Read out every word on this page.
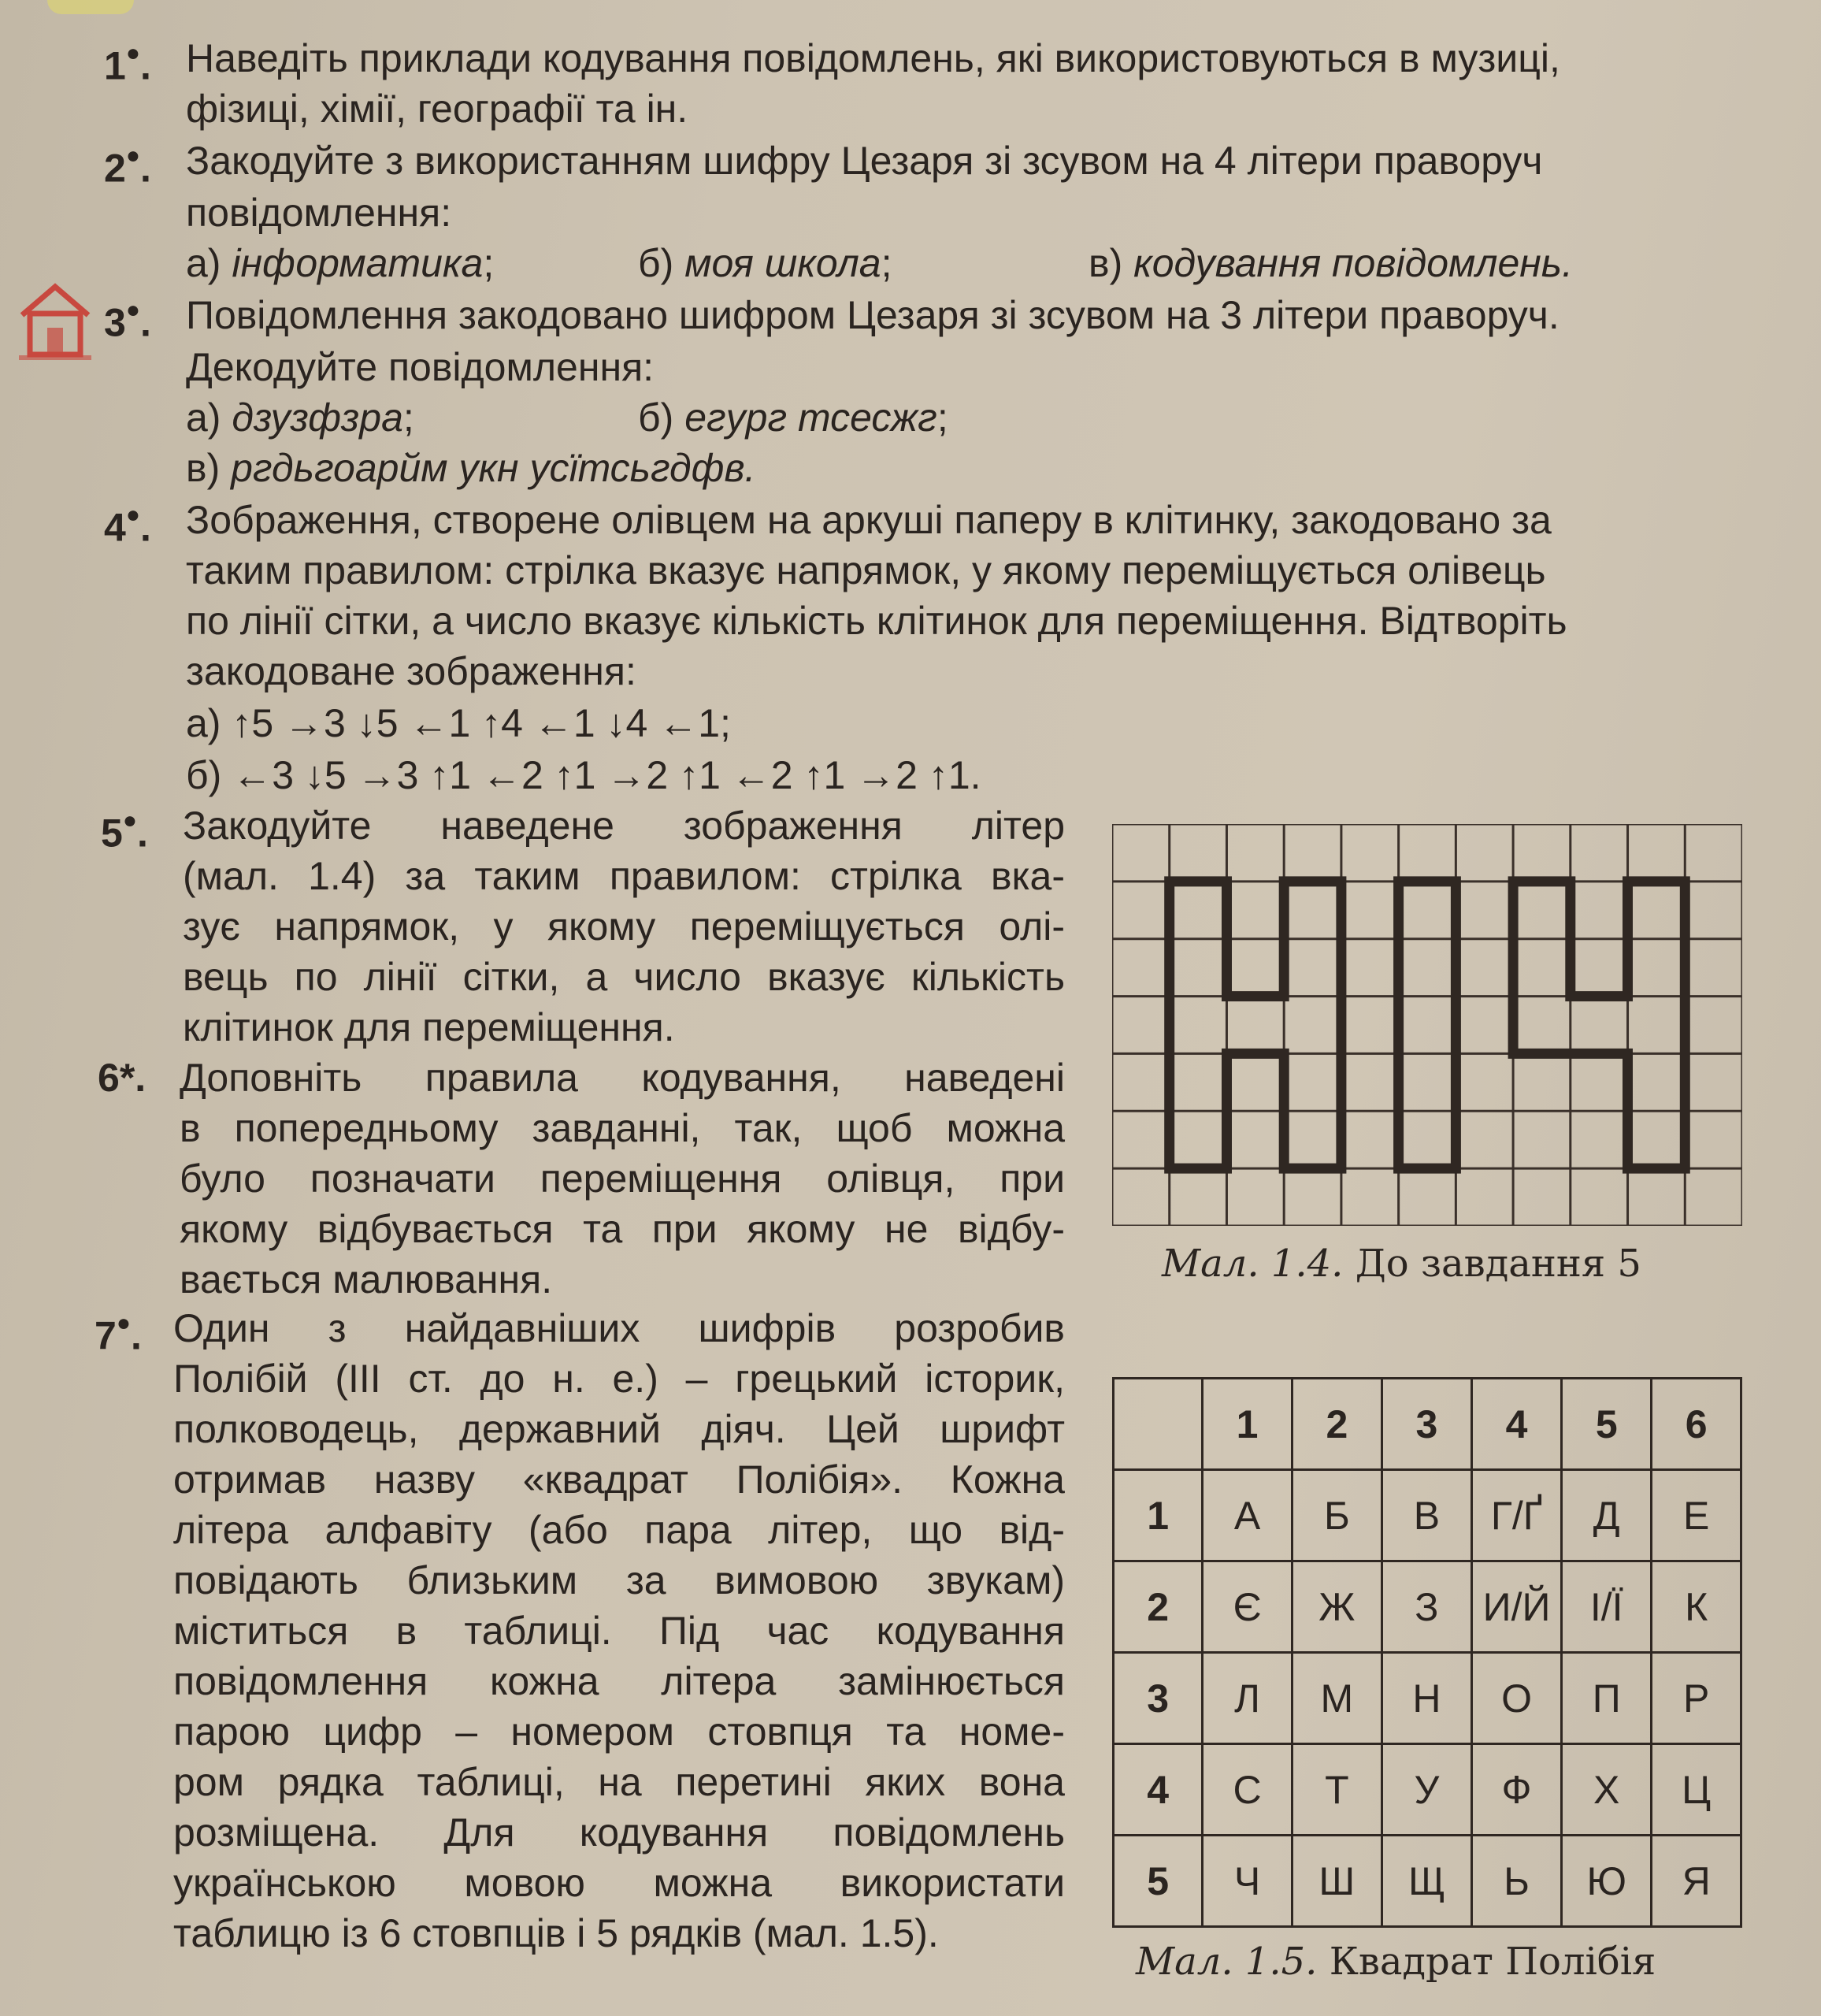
1●. Наведіть приклади кодування повідомлень, які використовуються в музиці,
фізиці, хімії, географії та ін.
2●. Закодуйте з використанням шифру Цезаря зі зсувом на 4 літери праворуч
повідомлення:
а) інформатика;	б) моя школа;	в) кодування повідомлень.
3●. Повідомлення закодовано шифром Цезаря зі зсувом на 3 літери праворуч.
Декодуйте повідомлення:
а) дзузфзра;	б) егург тсесжг;
в) ргдьгоарйм укн усїтсьгдфв.
4●. Зображення, створене олівцем на аркуші паперу в клітинку, закодовано за
таким правилом: стрілка вказує напрямок, у якому переміщується олівець
по лінії сітки, а число вказує кількість клітинок для переміщення. Відтворіть
закодоване зображення:
а) ↑5 →3 ↓5 ←1 ↑4 ←1 ↓4 ←1;
б) ←3 ↓5 →3 ↑1 ←2 ↑1 →2 ↑1 ←2 ↑1 →2 ↑1.
5●. Закодуйте наведене зображення літер
(мал. 1.4) за таким правилом: стрілка вка-
зує напрямок, у якому переміщується олі-
вець по лінії сітки, а число вказує кількість
клітинок для переміщення.
6*. Доповніть правила кодування, наведені
в попередньому завданні, так, щоб можна
було позначати переміщення олівця, при
якому відбувається та при якому не відбу-
вається малювання.
7●. Один з найдавніших шифрів розробив
Полібій (III ст. до н. е.) – грецький історик,
полководець, державний діяч. Цей шрифт
отримав назву «квадрат Полібія». Кожна
літера алфавіту (або пара літер, що від-
повідають близьким за вимовою звукам)
міститься в таблиці. Під час кодування
повідомлення кожна літера замінюється
парою цифр – номером стовпця та номе-
ром рядка таблиці, на перетині яких вона
розміщена. Для кодування повідомлень
українською мовою можна використати
таблицю із 6 стовпців і 5 рядків (мал. 1.5).
Мал. 1.4. До завдання 5
	1	2	3	4	5	6
1	А	Б	В	Г/Ґ	Д	Е
2	Є	Ж	З	И/Й	І/Ї	К
3	Л	М	Н	О	П	Р
4	С	Т	У	Ф	Х	Ц
5	Ч	Ш	Щ	Ь	Ю	Я
Мал. 1.5. Квадрат Полібія
